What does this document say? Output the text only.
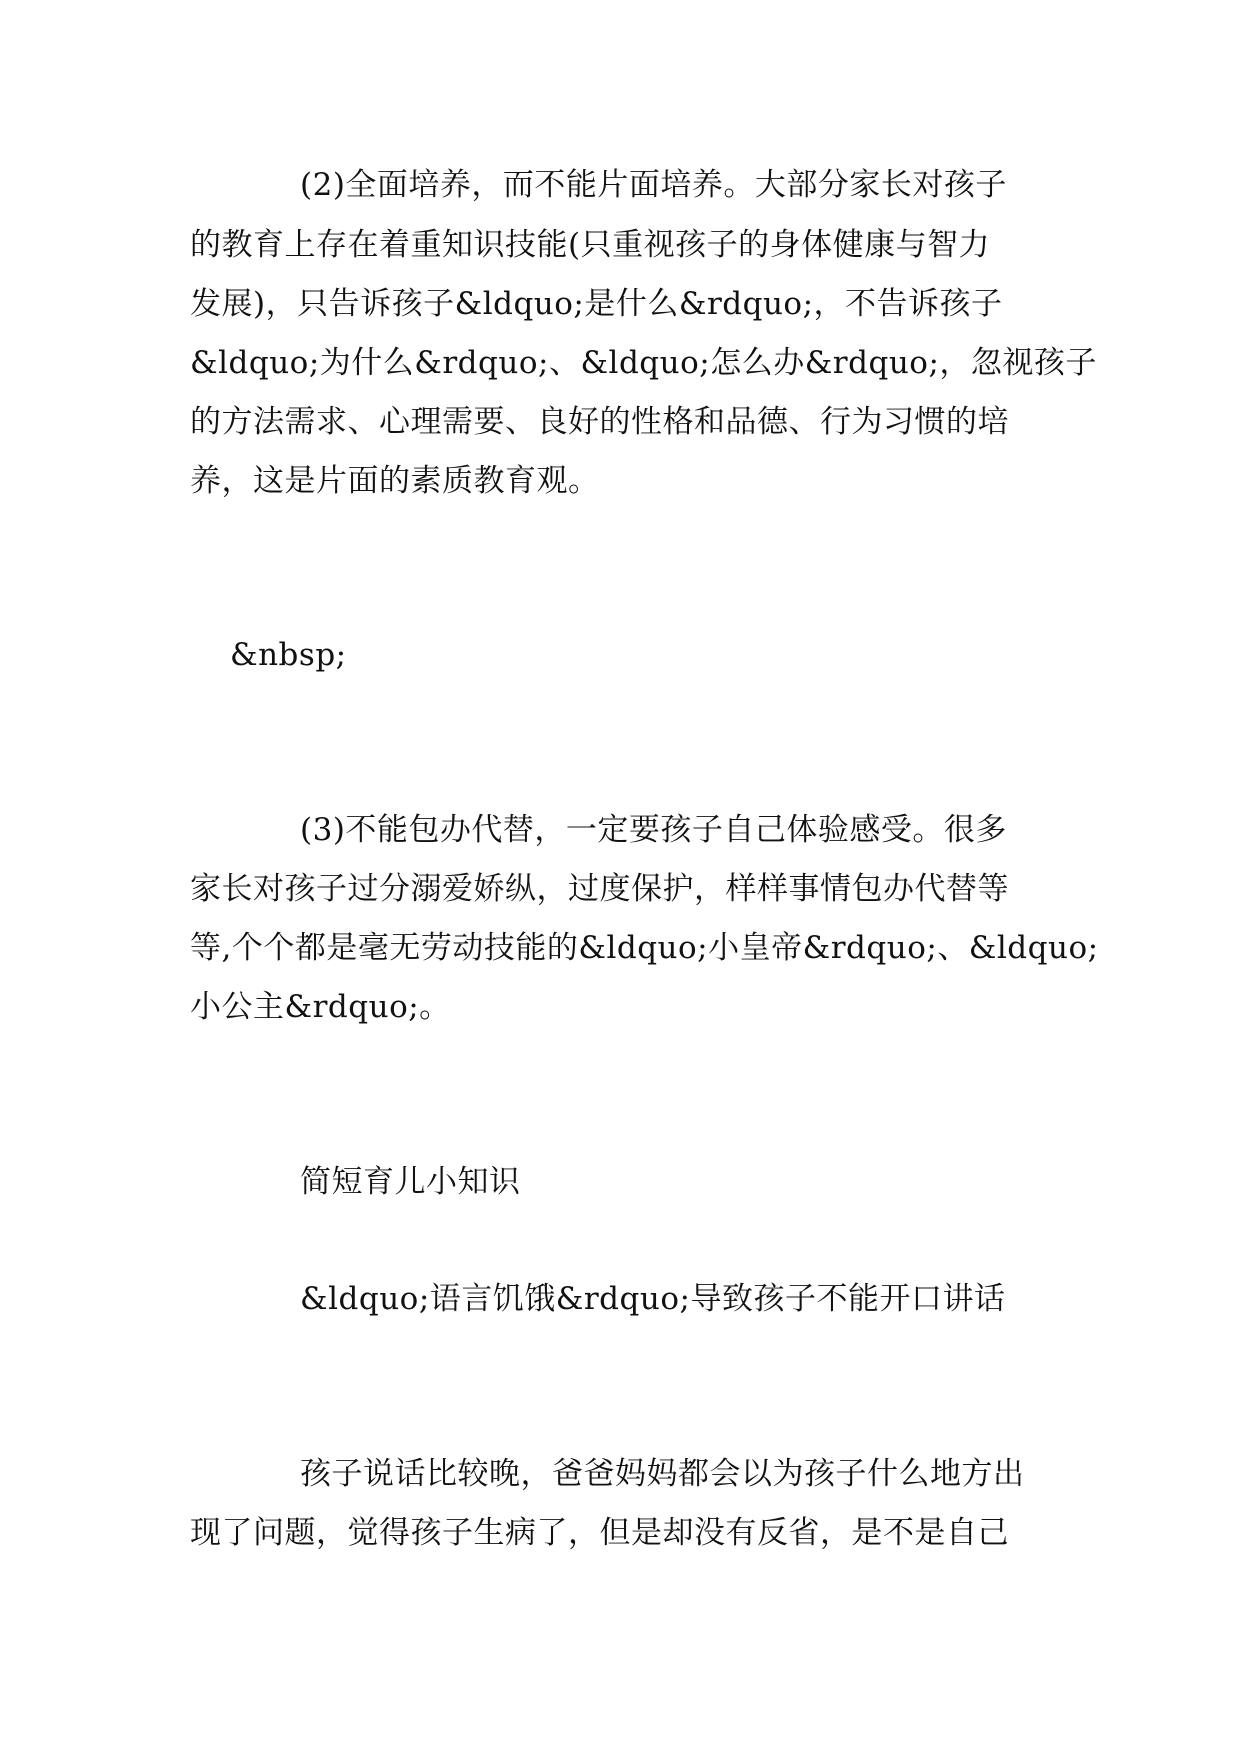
(2)全面培养，而不能片面培养。大部分家长对孩子
的教育上存在着重知识技能(只重视孩子的身体健康与智力
发展)，只告诉孩子&ldquo;是什么&rdquo;，不告诉孩子
&ldquo;为什么&rdquo;、&ldquo;怎么办&rdquo;，忽视孩子
的方法需求、心理需要、良好的性格和品德、行为习惯的培
养，这是片面的素质教育观。
&nbsp;
(3)不能包办代替，一定要孩子自己体验感受。很多
家长对孩子过分溺爱娇纵，过度保护，样样事情包办代替等
等,个个都是毫无劳动技能的&ldquo;小皇帝&rdquo;、&ldquo;
小公主&rdquo;。
简短育儿小知识
&ldquo;语言饥饿&rdquo;导致孩子不能开口讲话
孩子说话比较晚，爸爸妈妈都会以为孩子什么地方出
现了问题，觉得孩子生病了，但是却没有反省，是不是自己
